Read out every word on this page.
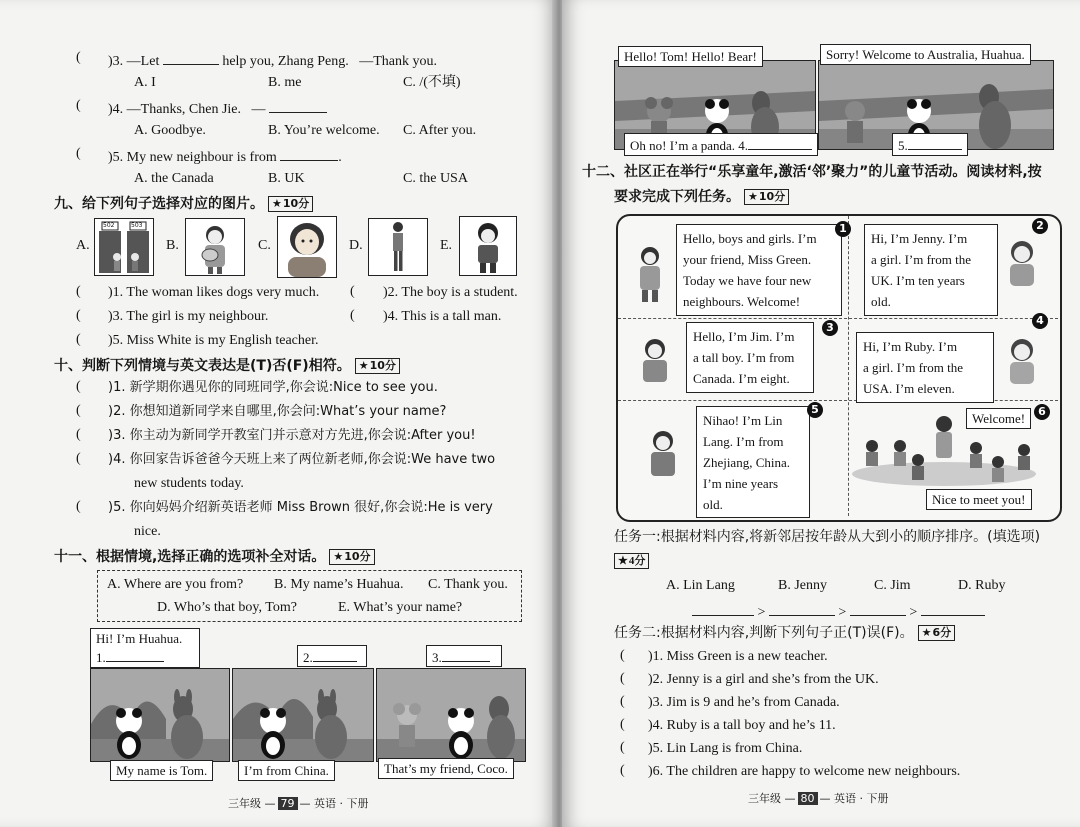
( )3. —Let	help you, Zhang Peng. —Thank you.
A. I	B. me	C. /(不填)
( )4. —Thanks, Chen Jie. —
A. Goodbye.	B. You’re welcome. C. After you.
( )5. My new neighbour is from	.
A. the Canada	B. UK	C. the USA
九、给下列句子选择对应的图片。 ★10分
A.
502	503
B.	C.	D.	E.
( )1. The woman likes dogs very much. ( )2. The boy is a student.
( )3. The girl is my neighbour.	( )4. This is a tall man.
( )5. Miss White is my English teacher.
十、判断下列情境与英文表达是(T)否(F)相符。 ★10分
( )1. 新学期你遇见你的同班同学,你会说:Nice to see you.
( )2. 你想知道新同学来自哪里,你会问:What’s your name?
( )3. 你主动为新同学开教室门并示意对方先进,你会说:After you!
( )4. 你回家告诉爸爸今天班上来了两位新老师,你会说:We have two
new students today.
( )5. 你向妈妈介绍新英语老师 Miss Brown 很好,你会说:He is very
nice.
十一、根据情境,选择正确的选项补全对话。 ★10分
A. Where are you from? B. My name’s Huahua. C. Thank you.
D. Who’s that boy, Tom?	E. What’s your name?
Hi! I’m Huahua.
1.	2.	3.
My name is Tom.	I’m from China.	That’s my friend, Coco.
三年级 — 79 — 英语 · 下册
Hello! Tom! Hello! Bear!	Sorry! Welcome to Australia, Huahua.
Oh no! I’m a panda. 4.	5.
十二、社区正在举行“乐享童年,激活‘邻’聚力”的儿童节活动。阅读材料,按
要求完成下列任务。 ★10分
Hello, boys and girls. I’m
your friend, Miss Green.
Today we have four new
neighbours. Welcome!
1
Hi, I’m Jenny. I’m
a girl. I’m from the
UK. I’m ten years
old.
2
Hello, I’m Jim. I’m
a tall boy. I’m from
Canada. I’m eight.
3
Hi, I’m Ruby. I’m
a girl. I’m from the
USA. I’m eleven.
4
Nihao! I’m Lin
Lang. I’m from
Zhejiang, China.
I’m nine years
old.
5
Welcome!	6
Nice to meet you!
任务一:根据材料内容,将新邻居按年龄从大到小的顺序排序。(填选项)
★4分
A. Lin Lang	B. Jenny	C. Jim	D. Ruby
>	>	>
任务二:根据材料内容,判断下列句子正(T)误(F)。 ★6分
( )1. Miss Green is a new teacher.
( )2. Jenny is a girl and she’s from the UK.
( )3. Jim is 9 and he’s from Canada.
( )4. Ruby is a tall boy and he’s 11.
( )5. Lin Lang is from China.
( )6. The children are happy to welcome new neighbours.
三年级 — 80 — 英语 · 下册
